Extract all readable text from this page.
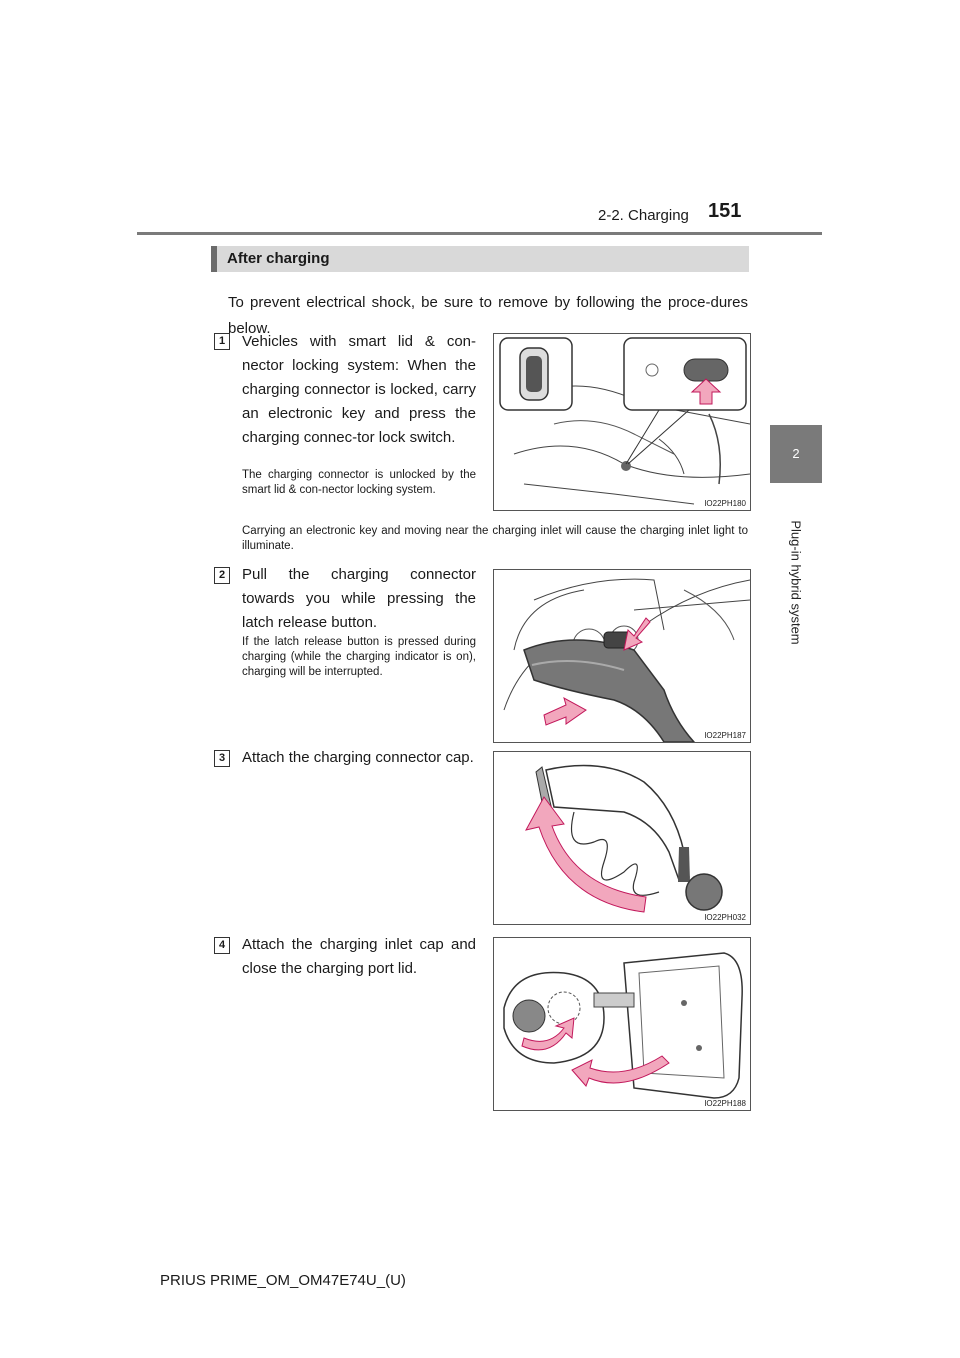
2-2. Charging 151
2
Plug-in hybrid system
After charging
To prevent electrical shock, be sure to remove by following the proce-dures below.
1	Vehicles with smart lid & con-nector locking system: When the charging connector is locked, carry an electronic key and press the charging connec-tor lock switch.
The charging connector is unlocked by the smart lid & con-nector locking system.
Carrying an electronic key and moving near the charging inlet will cause the charging inlet light to illuminate.
IO22PH180
2	Pull the charging connector towards you while pressing the latch release button.
If the latch release button is pressed during charging (while the charging indicator is on), charging will be interrupted.
IO22PH187
3	Attach the charging connector cap.
IO22PH032
4	Attach the charging inlet cap and close the charging port lid.
IO22PH188
PRIUS PRIME_OM_OM47E74U_(U)
